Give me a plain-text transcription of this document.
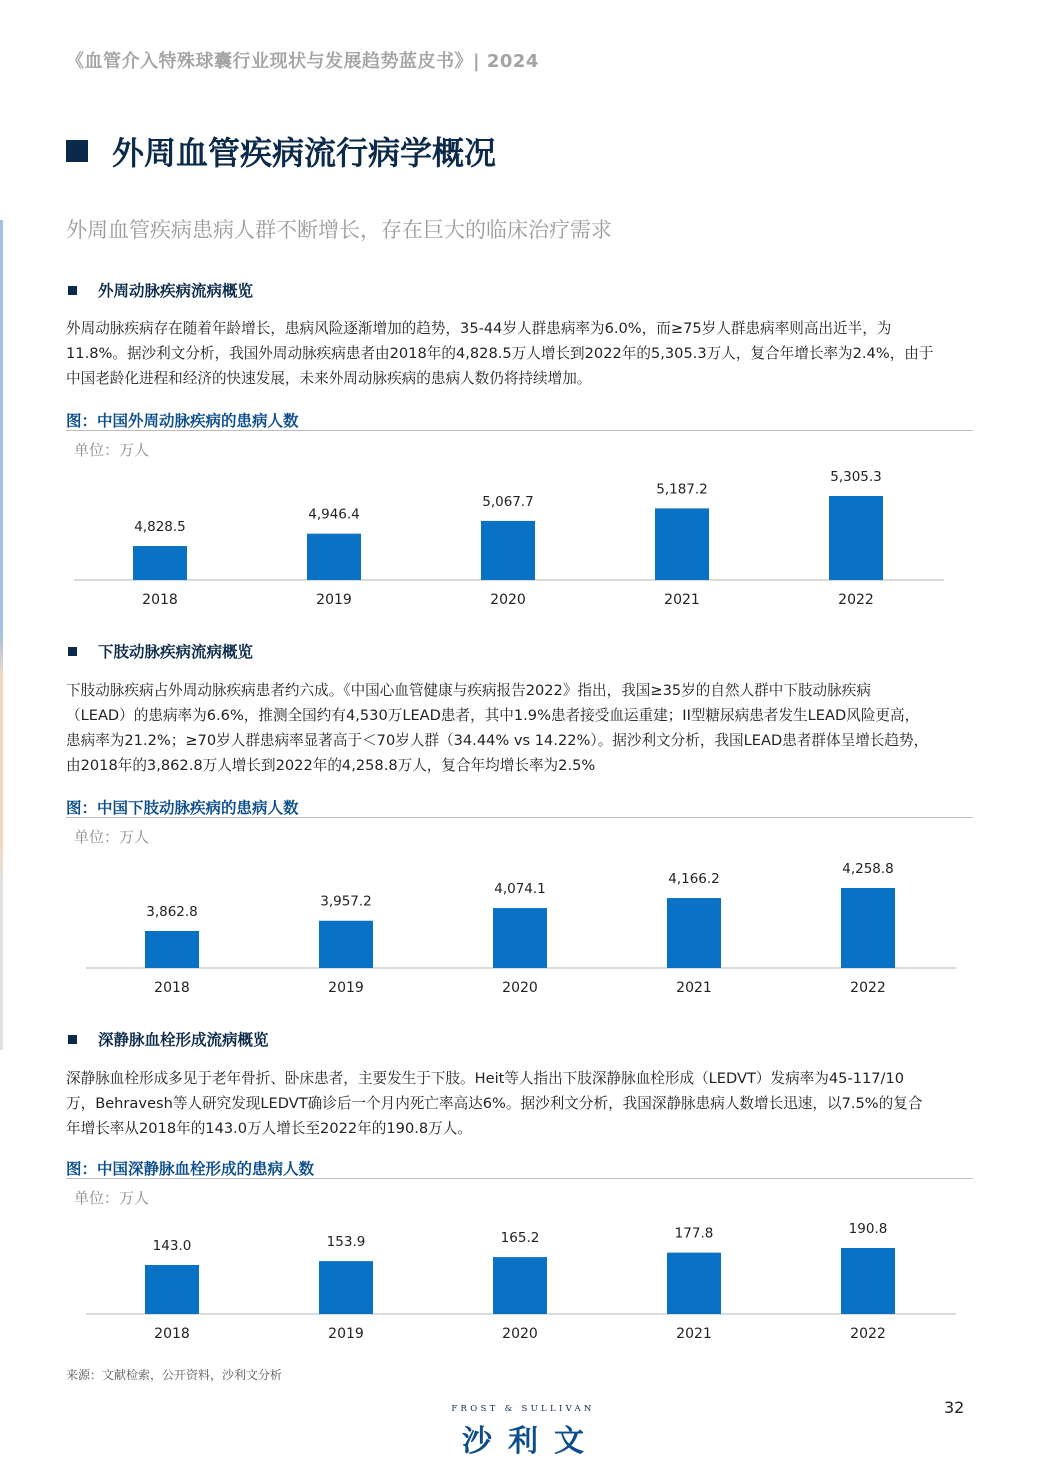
《血管介入特殊球囊行业现状与发展趋势蓝皮书》| 2024
外周血管疾病流行病学概况
外周血管疾病患病人群不断增长，存在巨大的临床治疗需求
外周动脉疾病流病概览
外周动脉疾病存在随着年龄增长，患病风险逐渐增加的趋势，35-44岁人群患病率为6.0%，而≥75岁人群患病率则高出近半，为
11.8%。据沙利文分析，我国外周动脉疾病患者由2018年的4,828.5万人增长到2022年的5,305.3万人，复合年增长率为2.4%，由于
中国老龄化进程和经济的快速发展，未来外周动脉疾病的患病人数仍将持续增加。
图：中国外周动脉疾病的患病人数
单位：万人
4,828.5
2018
4,946.4
2019
5,067.7
2020
5,187.2
2021
5,305.3
2022
下肢动脉疾病流病概览
下肢动脉疾病占外周动脉疾病患者约六成。《中国心血管健康与疾病报告2022》指出，我国≥35岁的自然人群中下肢动脉疾病
（LEAD）的患病率为6.6%，推测全国约有4,530万LEAD患者，其中1.9%患者接受血运重建；II型糖尿病患者发生LEAD风险更高，
患病率为21.2%；≥70岁人群患病率显著高于＜70岁人群（34.44% vs 14.22%）。据沙利文分析，我国LEAD患者群体呈增长趋势，
由2018年的3,862.8万人增长到2022年的4,258.8万人，复合年均增长率为2.5%
图：中国下肢动脉疾病的患病人数
单位：万人
3,862.8
2018
3,957.2
2019
4,074.1
2020
4,166.2
2021
4,258.8
2022
深静脉血栓形成流病概览
深静脉血栓形成多见于老年骨折、卧床患者，主要发生于下肢。Heit等人指出下肢深静脉血栓形成（LEDVT）发病率为45-117/10
万，Behravesh等人研究发现LEDVT确诊后一个月内死亡率高达6%。据沙利文分析，我国深静脉患病人数增长迅速，以7.5%的复合
年增长率从2018年的143.0万人增长至2022年的190.8万人。
图：中国深静脉血栓形成的患病人数
单位：万人
143.0
2018
153.9
2019
165.2
2020
177.8
2021
190.8
2022
来源：文献检索，公开资料，沙利文分析
FROST & SULLIVAN
沙利文
32
